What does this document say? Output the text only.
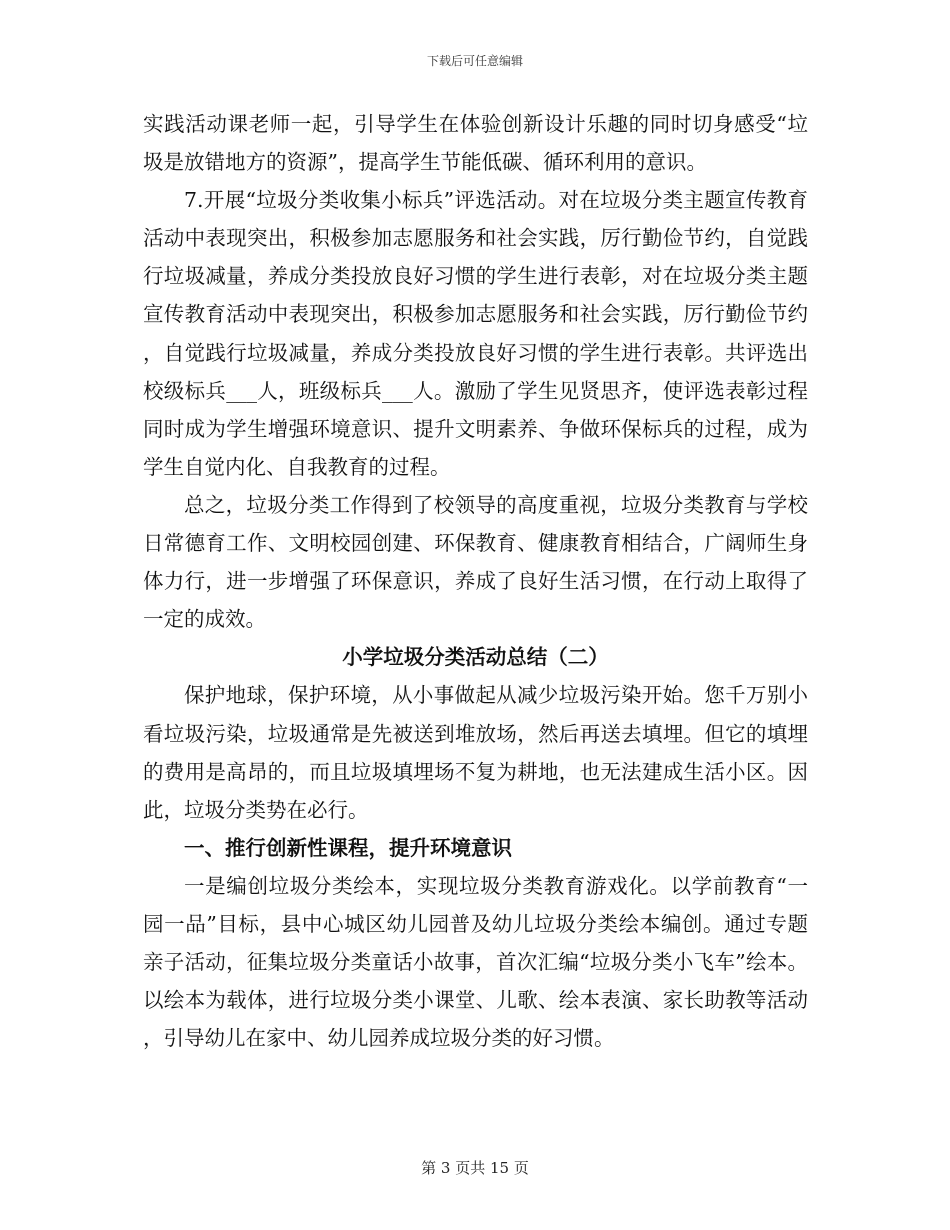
下载后可任意编辑

实践活动课老师一起，引导学生在体验创新设计乐趣的同时切身感受“垃圾是放错地方的资源”，提高学生节能低碳、循环利用的意识。

7.开展“垃圾分类收集小标兵”评选活动。对在垃圾分类主题宣传教育活动中表现突出，积极参加志愿服务和社会实践，厉行勤俭节约，自觉践行垃圾减量，养成分类投放良好习惯的学生进行表彰，对在垃圾分类主题宣传教育活动中表现突出，积极参加志愿服务和社会实践，厉行勤俭节约，自觉践行垃圾减量，养成分类投放良好习惯的学生进行表彰。共评选出校级标兵___人，班级标兵___人。激励了学生见贤思齐，使评选表彰过程同时成为学生增强环境意识、提升文明素养、争做环保标兵的过程，成为学生自觉内化、自我教育的过程。

总之，垃圾分类工作得到了校领导的高度重视，垃圾分类教育与学校日常德育工作、文明校园创建、环保教育、健康教育相结合，广阔师生身体力行，进一步增强了环保意识，养成了良好生活习惯，在行动上取得了一定的成效。

小学垃圾分类活动总结（二）

保护地球，保护环境，从小事做起从减少垃圾污染开始。您千万别小看垃圾污染，垃圾通常是先被送到堆放场，然后再送去填埋。但它的填埋的费用是高昂的，而且垃圾填埋场不复为耕地，也无法建成生活小区。因此，垃圾分类势在必行。

一、推行创新性课程，提升环境意识

一是编创垃圾分类绘本，实现垃圾分类教育游戏化。以学前教育“一园一品”目标，县中心城区幼儿园普及幼儿垃圾分类绘本编创。通过专题亲子活动，征集垃圾分类童话小故事，首次汇编“垃圾分类小飞车”绘本。以绘本为载体，进行垃圾分类小课堂、儿歌、绘本表演、家长助教等活动，引导幼儿在家中、幼儿园养成垃圾分类的好习惯。

第 3 页共 15 页
